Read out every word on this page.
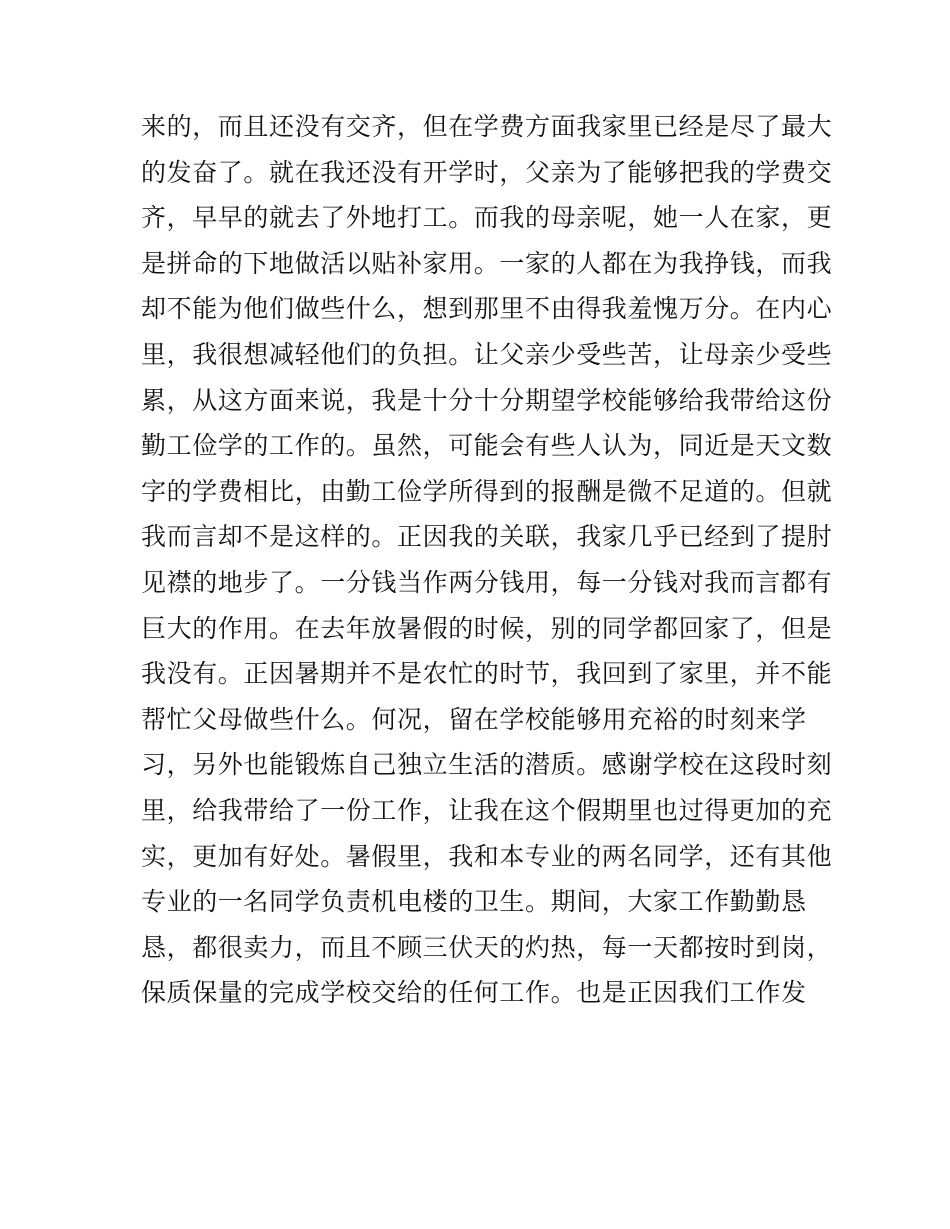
来的，而且还没有交齐，但在学费方面我家里已经是尽了最大
的发奋了。就在我还没有开学时，父亲为了能够把我的学费交
齐，早早的就去了外地打工。而我的母亲呢，她一人在家，更
是拼命的下地做活以贴补家用。一家的人都在为我挣钱，而我
却不能为他们做些什么，想到那里不由得我羞愧万分。在内心
里，我很想减轻他们的负担。让父亲少受些苦，让母亲少受些
累，从这方面来说，我是十分十分期望学校能够给我带给这份
勤工俭学的工作的。虽然，可能会有些人认为，同近是天文数
字的学费相比，由勤工俭学所得到的报酬是微不足道的。但就
我而言却不是这样的。正因我的关联，我家几乎已经到了提肘
见襟的地步了。一分钱当作两分钱用，每一分钱对我而言都有
巨大的作用。在去年放暑假的时候，别的同学都回家了，但是
我没有。正因暑期并不是农忙的时节，我回到了家里，并不能
帮忙父母做些什么。何况，留在学校能够用充裕的时刻来学
习，另外也能锻炼自己独立生活的潜质。感谢学校在这段时刻
里，给我带给了一份工作，让我在这个假期里也过得更加的充
实，更加有好处。暑假里，我和本专业的两名同学，还有其他
专业的一名同学负责机电楼的卫生。期间，大家工作勤勤恳
恳，都很卖力，而且不顾三伏天的灼热，每一天都按时到岗，
保质保量的完成学校交给的任何工作。也是正因我们工作发
